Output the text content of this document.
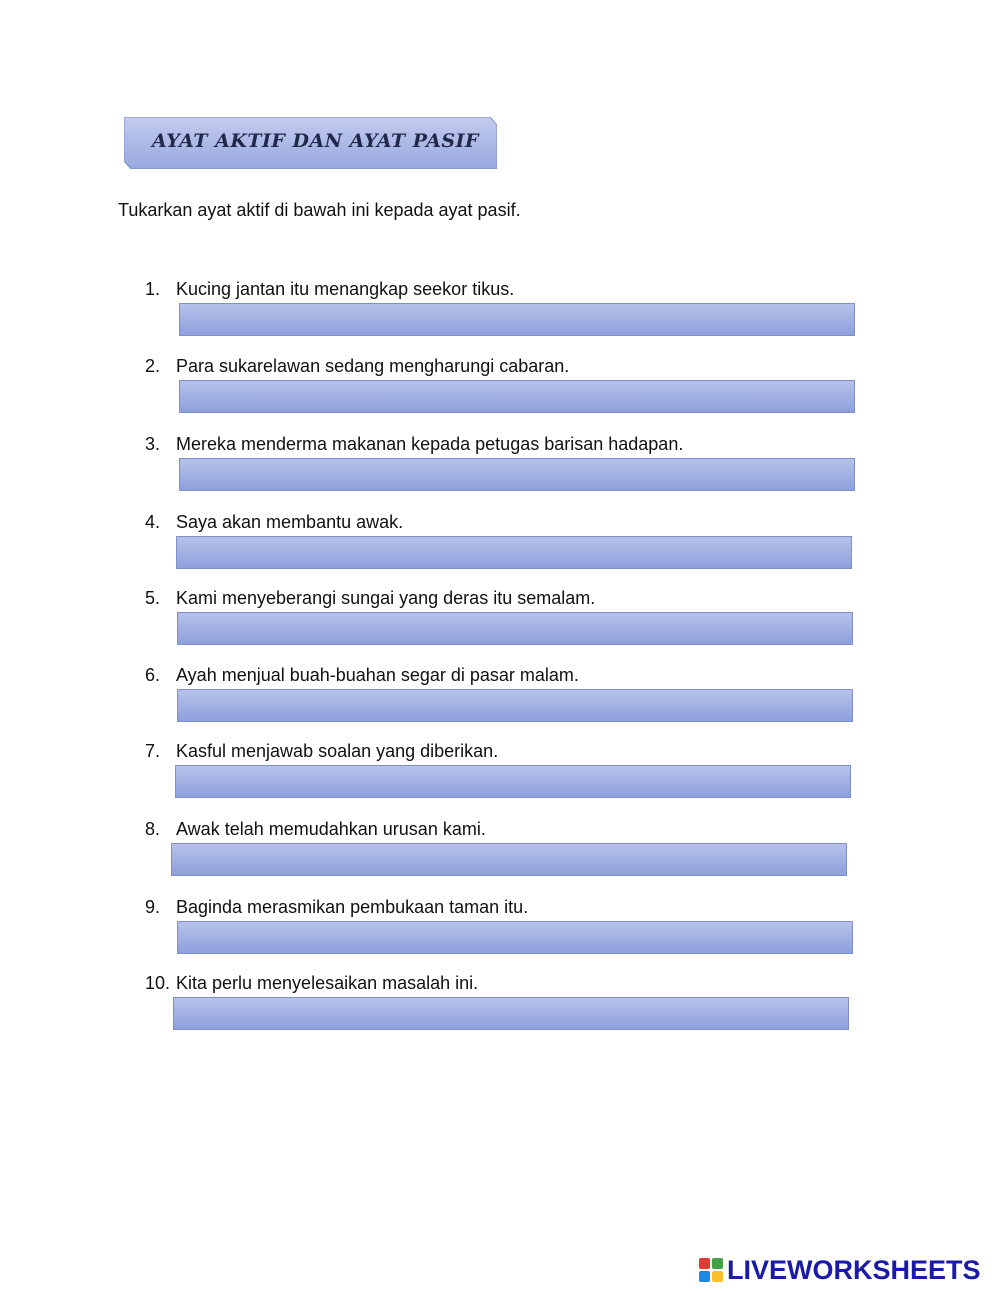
AYAT AKTIF DAN AYAT PASIF
Tukarkan ayat aktif di bawah ini kepada ayat pasif.
1. Kucing jantan itu menangkap seekor tikus.
2. Para sukarelawan sedang mengharungi cabaran.
3. Mereka menderma makanan kepada petugas barisan hadapan.
4. Saya akan membantu awak.
5. Kami menyeberangi sungai yang deras itu semalam.
6. Ayah menjual buah-buahan segar di pasar malam.
7. Kasful menjawab soalan yang diberikan.
8. Awak telah memudahkan urusan kami.
9. Baginda merasmikan pembukaan taman itu.
10. Kita perlu menyelesaikan masalah ini.
LIVEWORKSHEETS
